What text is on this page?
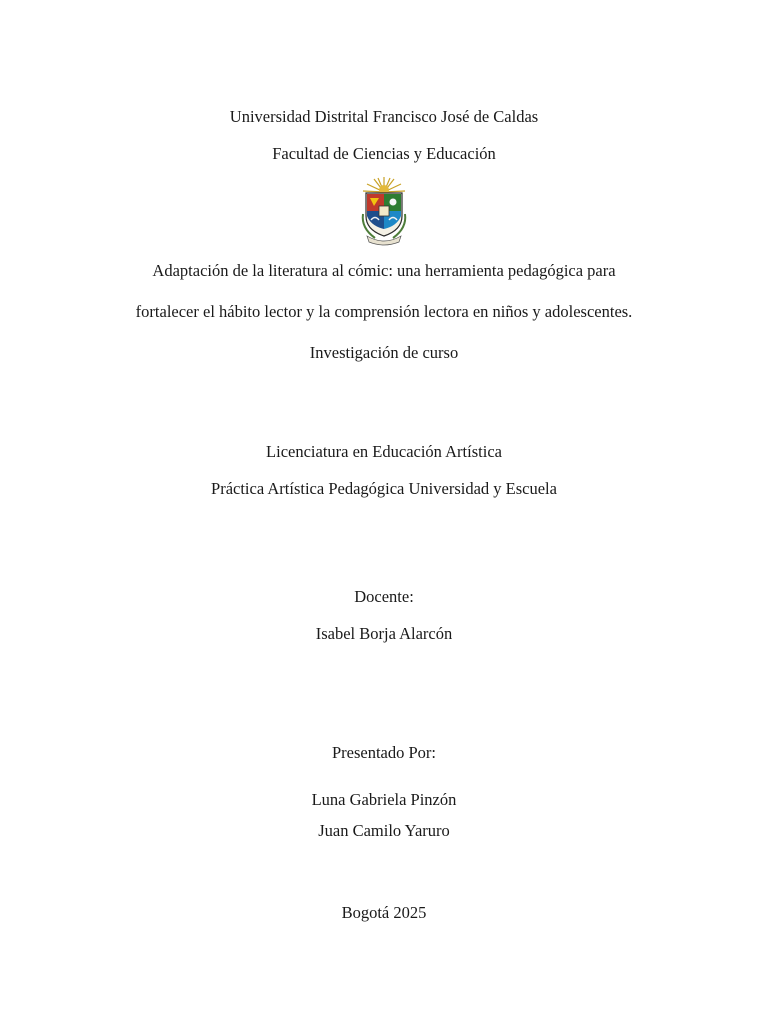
Universidad Distrital Francisco José de Caldas
Facultad de Ciencias y Educación
Adaptación de la literatura al cómic: una herramienta pedagógica para
fortalecer el hábito lector y la comprensión lectora en niños y adolescentes.
Investigación de curso
Licenciatura en Educación Artística
Práctica Artística Pedagógica Universidad y Escuela
Docente:
Isabel Borja Alarcón
Presentado Por:
Luna Gabriela Pinzón
Juan Camilo Yaruro
Bogotá 2025
